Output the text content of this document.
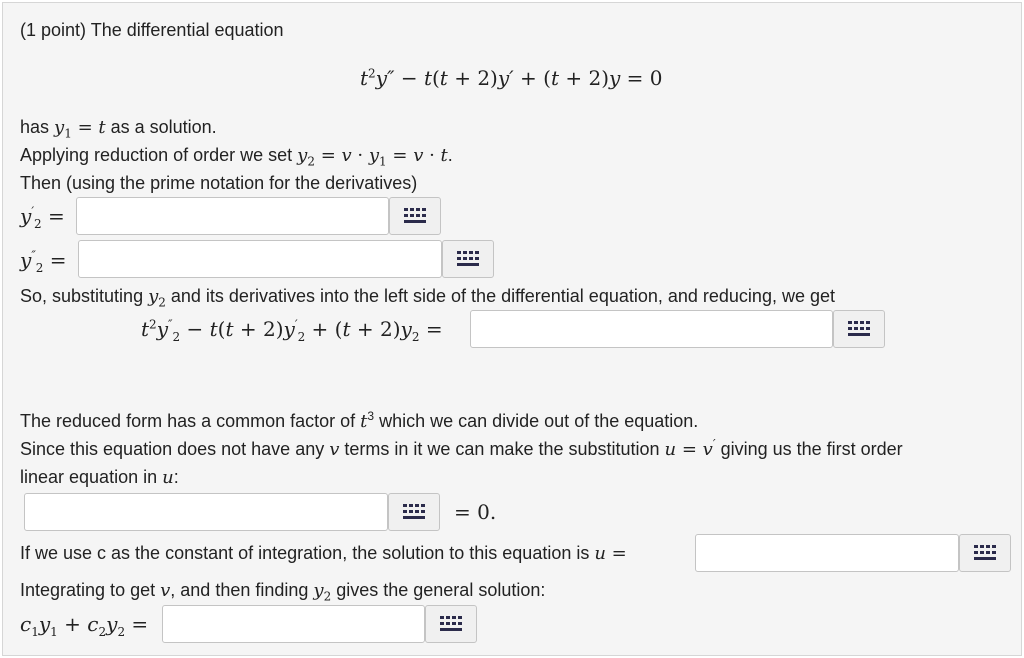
(1 point) The differential equation
$t^2y'' - t(t + 2)y' + (t + 2)y = 0$
has $y_1 = t$ as a solution.
Applying reduction of order we set $y_2 = v \cdot y_1 = v \cdot t$.
Then (using the prime notation for the derivatives)
$y'_2$ =
$y''_2$ =
So, substituting $y_2$ and its derivatives into the left side of the differential equation, and reducing, we get
$t^2y''_2 - t(t + 2)y'_2 + (t + 2)y_2$ =
The reduced form has a common factor of $t^3$ which we can divide out of the equation.
Since this equation does not have any v terms in it we can make the substitution u = v′ giving us the first order
linear equation in u:
= 0.
If we use c as the constant of integration, the solution to this equation is u =
Integrating to get v, and then finding $y_2$ gives the general solution:
$c_1y_1 + c_2y_2$ =
